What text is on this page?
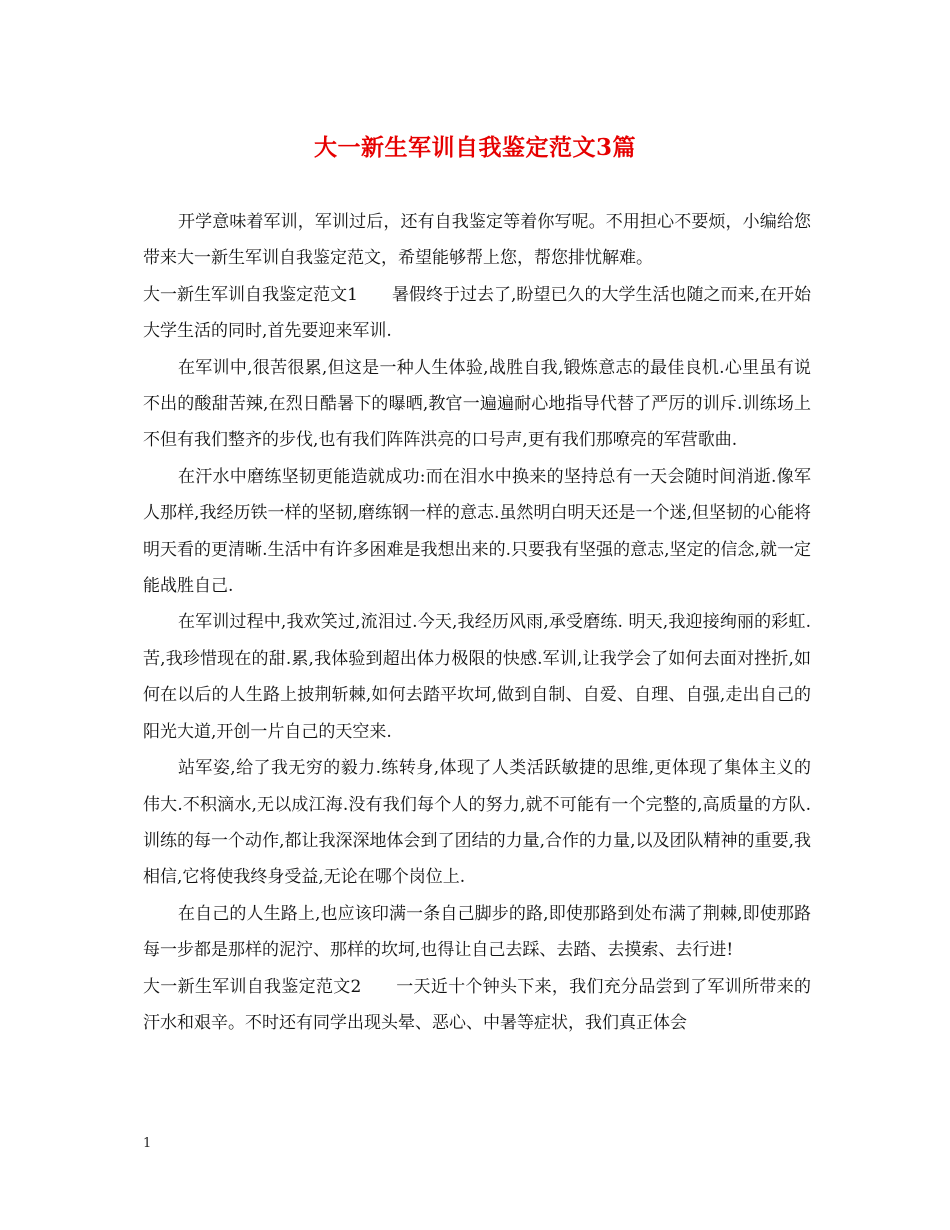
大一新生军训自我鉴定范文3篇

开学意味着军训，军训过后，还有自我鉴定等着你写呢。不用担心不要烦，小编给您带来大一新生军训自我鉴定范文，希望能够帮上您，帮您排忧解难。

大一新生军训自我鉴定范文1　　暑假终于过去了,盼望已久的大学生活也随之而来,在开始大学生活的同时,首先要迎来军训.

在军训中,很苦很累,但这是一种人生体验,战胜自我,锻炼意志的最佳良机.心里虽有说不出的酸甜苦辣,在烈日酷暑下的曝晒,教官一遍遍耐心地指导代替了严厉的训斥.训练场上不但有我们整齐的步伐,也有我们阵阵洪亮的口号声,更有我们那嘹亮的军营歌曲.

在汗水中磨练坚韧更能造就成功:而在泪水中换来的坚持总有一天会随时间消逝.像军人那样,我经历铁一样的坚韧,磨练钢一样的意志.虽然明白明天还是一个迷,但坚韧的心能将明天看的更清晰.生活中有许多困难是我想出来的.只要我有坚强的意志,坚定的信念,就一定能战胜自己.

在军训过程中,我欢笑过,流泪过.今天,我经历风雨,承受磨练. 明天,我迎接绚丽的彩虹.苦,我珍惜现在的甜.累,我体验到超出体力极限的快感.军训,让我学会了如何去面对挫折,如何在以后的人生路上披荆斩棘,如何去踏平坎坷,做到自制、自爱、自理、自强,走出自己的阳光大道,开创一片自己的天空来.

站军姿,给了我无穷的毅力.练转身,体现了人类活跃敏捷的思维,更体现了集体主义的伟大.不积滴水,无以成江海.没有我们每个人的努力,就不可能有一个完整的,高质量的方队.训练的每一个动作,都让我深深地体会到了团结的力量,合作的力量,以及团队精神的重要,我相信,它将使我终身受益,无论在哪个岗位上.

在自己的人生路上,也应该印满一条自己脚步的路,即使那路到处布满了荆棘,即使那路每一步都是那样的泥泞、那样的坎坷,也得让自己去踩、去踏、去摸索、去行进!

大一新生军训自我鉴定范文2　　一天近十个钟头下来，我们充分品尝到了军训所带来的汗水和艰辛。不时还有同学出现头晕、恶心、中暑等症状，我们真正体会

1
